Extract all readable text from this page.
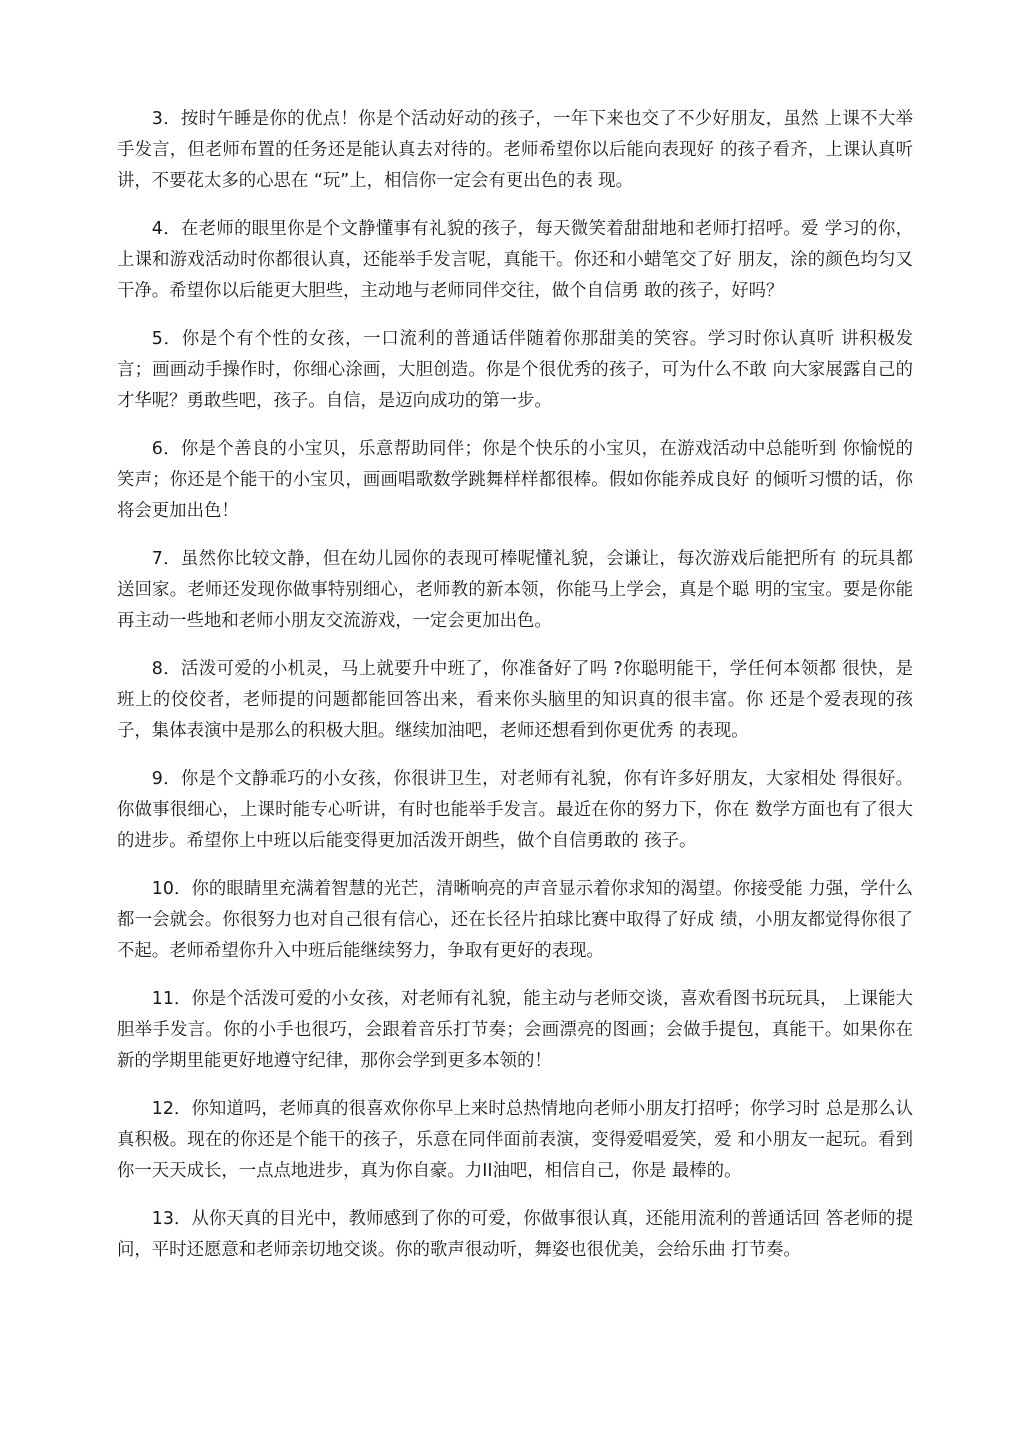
3．按时午睡是你的优点！你是个活动好动的孩子，一年下来也交了不少好朋友，虽然 上课不大举手发言，但老师布置的任务还是能认真去对待的。老师希望你以后能向表现好 的孩子看齐，上课认真听讲，不要花太多的心思在 “玩”上，相信你一定会有更出色的表 现。

4．在老师的眼里你是个文静懂事有礼貌的孩子，每天微笑着甜甜地和老师打招呼。爱 学习的你，上课和游戏活动时你都很认真，还能举手发言呢，真能干。你还和小蜡笔交了好 朋友，涂的颜色均匀又干净。希望你以后能更大胆些，主动地与老师同伴交往，做个自信勇 敢的孩子，好吗？

5．你是个有个性的女孩，一口流利的普通话伴随着你那甜美的笑容。学习时你认真听 讲积极发言；画画动手操作时，你细心涂画，大胆创造。你是个很优秀的孩子，可为什么不敢 向大家展露自己的才华呢？勇敢些吧，孩子。自信，是迈向成功的第一步。

6．你是个善良的小宝贝，乐意帮助同伴；你是个快乐的小宝贝，在游戏活动中总能听到 你愉悦的笑声；你还是个能干的小宝贝，画画唱歌数学跳舞样样都很棒。假如你能养成良好 的倾听习惯的话，你将会更加出色！

7．虽然你比较文静，但在幼儿园你的表现可棒呢懂礼貌，会谦让，每次游戏后能把所有 的玩具都送回家。老师还发现你做事特别细心，老师教的新本领，你能马上学会，真是个聪 明的宝宝。要是你能再主动一些地和老师小朋友交流游戏，一定会更加出色。

8．活泼可爱的小机灵，马上就要升中班了，你准备好了吗 ?你聪明能干，学任何本领都 很快，是班上的佼佼者，老师提的问题都能回答出来，看来你头脑里的知识真的很丰富。你 还是个爱表现的孩子，集体表演中是那么的积极大胆。继续加油吧，老师还想看到你更优秀 的表现。

9．你是个文静乖巧的小女孩，你很讲卫生，对老师有礼貌，你有许多好朋友，大家相处 得很好。你做事很细心，上课时能专心听讲，有时也能举手发言。最近在你的努力下，你在 数学方面也有了很大的进步。希望你上中班以后能变得更加活泼开朗些，做个自信勇敢的 孩子。

10．你的眼睛里充满着智慧的光芒，清晰响亮的声音显示着你求知的渴望。你接受能 力强，学什么都一会就会。你很努力也对自己很有信心，还在长径片拍球比赛中取得了好成 绩，小朋友都觉得你很了不起。老师希望你升入中班后能继续努力，争取有更好的表现。

11．你是个活泼可爱的小女孩，对老师有礼貌，能主动与老师交谈，喜欢看图书玩玩具， 上课能大胆举手发言。你的小手也很巧，会跟着音乐打节奏；会画漂亮的图画；会做手提包，真能干。如果你在新的学期里能更好地遵守纪律，那你会学到更多本领的！

12．你知道吗，老师真的很喜欢你你早上来时总热情地向老师小朋友打招呼；你学习时 总是那么认真积极。现在的你还是个能干的孩子，乐意在同伴面前表演，变得爱唱爱笑，爱 和小朋友一起玩。看到你一天天成长，一点点地进步，真为你自豪。力II油吧，相信自己，你是 最棒的。

13．从你天真的目光中，教师感到了你的可爱，你做事很认真，还能用流利的普通话回 答老师的提问，平时还愿意和老师亲切地交谈。你的歌声很动听，舞姿也很优美，会给乐曲 打节奏。
